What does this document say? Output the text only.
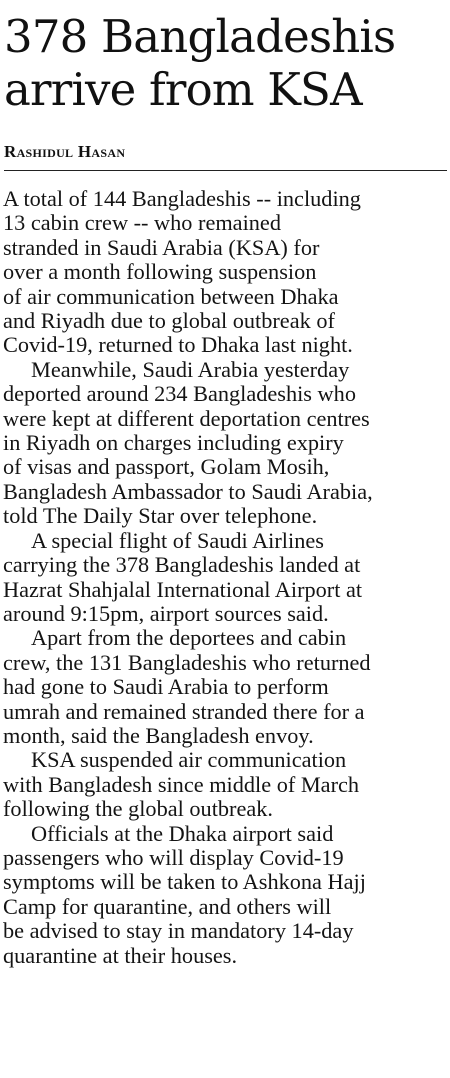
378 Bangladeshis
arrive from KSA
Rashidul Hasan
A total of 144 Bangladeshis -- including
13 cabin crew -- who remained
stranded in Saudi Arabia (KSA) for
over a month following suspension
of air communication between Dhaka
and Riyadh due to global outbreak of
Covid-19, returned to Dhaka last night.
Meanwhile, Saudi Arabia yesterday
deported around 234 Bangladeshis who
were kept at different deportation centres
in Riyadh on charges including expiry
of visas and passport, Golam Mosih,
Bangladesh Ambassador to Saudi Arabia,
told The Daily Star over telephone.
A special flight of Saudi Airlines
carrying the 378 Bangladeshis landed at
Hazrat Shahjalal International Airport at
around 9:15pm, airport sources said.
Apart from the deportees and cabin
crew, the 131 Bangladeshis who returned
had gone to Saudi Arabia to perform
umrah and remained stranded there for a
month, said the Bangladesh envoy.
KSA suspended air communication
with Bangladesh since middle of March
following the global outbreak.
Officials at the Dhaka airport said
passengers who will display Covid-19
symptoms will be taken to Ashkona Hajj
Camp for quarantine, and others will
be advised to stay in mandatory 14-day
quarantine at their houses.
